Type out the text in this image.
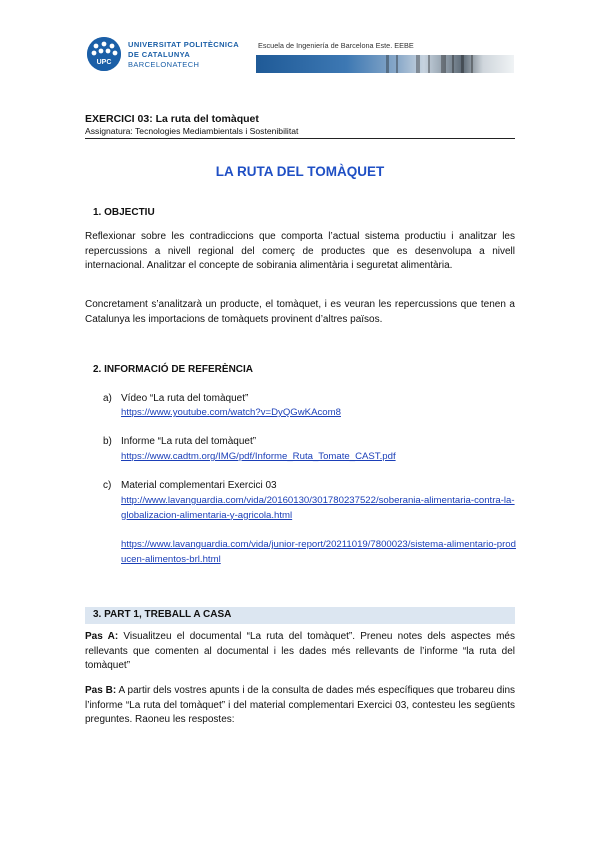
UPC
UNIVERSITAT POLITÈCNICA
DE CATALUNYA
BARCELONATECH
Escuela de Ingeniería de Barcelona Este. EEBE
EXERCICI 03: La ruta del tomàquet
Assignatura: Tecnologies Mediambientals i Sostenibilitat
LA RUTA DEL TOMÀQUET
1. OBJECTIU
Reflexionar sobre les contradiccions que comporta l’actual sistema productiu i analitzar les repercussions a nivell regional del comerç de productes que es desenvolupa a nivell internacional. Analitzar el concepte de sobirania alimentària i seguretat alimentària.
Concretament s’analitzarà un producte, el tomàquet, i es veuran les repercussions que tenen a Catalunya les importacions de tomàquets provinent d’altres països.
2. INFORMACIÓ DE REFERÈNCIA
a) Vídeo “La ruta del tomàquet”
https://www.youtube.com/watch?v=DyQGwKAcom8
b) Informe “La ruta del tomàquet”
https://www.cadtm.org/IMG/pdf/Informe_Ruta_Tomate_CAST.pdf
c) Material complementari Exercici 03
http://www.lavanguardia.com/vida/20160130/301780237522/soberania-alimentaria-contra-la-globalizacion-alimentaria-y-agricola.html
https://www.lavanguardia.com/vida/junior-report/20211019/7800023/sistema-alimentario-producen-alimentos-brl.html
3. PART 1, TREBALL A CASA
Pas A: Visualitzeu el documental “La ruta del tomàquet”. Preneu notes dels aspectes més rellevants que comenten al documental i les dades més rellevants de l’informe “la ruta del tomàquet”
Pas B: A partir dels vostres apunts i de la consulta de dades més específiques que trobareu dins l’informe “La ruta del tomàquet” i del material complementari Exercici 03, contesteu les següents preguntes. Raoneu les respostes:
